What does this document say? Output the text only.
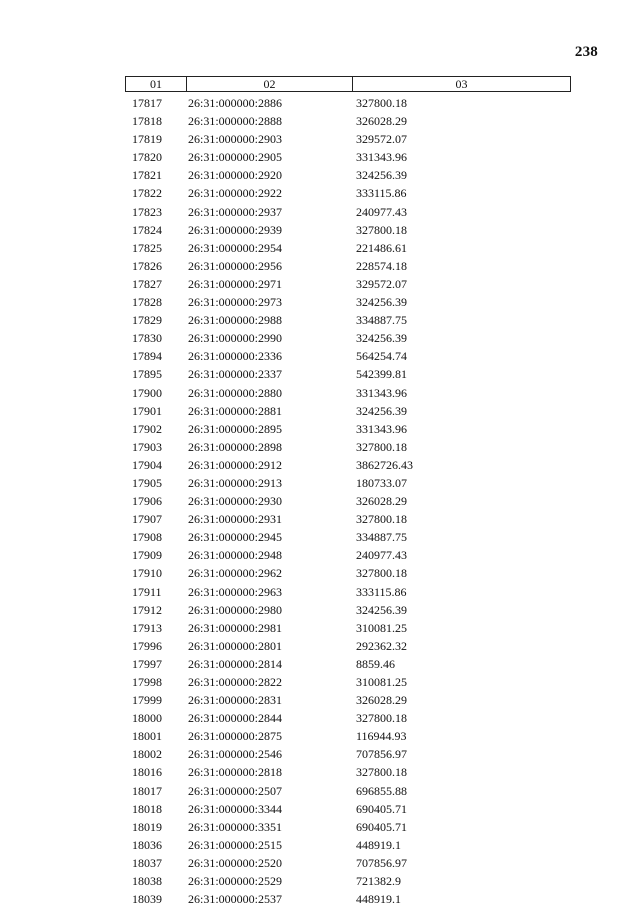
238
01	02	03
17817	26:31:000000:2886	327800.18
17818	26:31:000000:2888	326028.29
17819	26:31:000000:2903	329572.07
17820	26:31:000000:2905	331343.96
17821	26:31:000000:2920	324256.39
17822	26:31:000000:2922	333115.86
17823	26:31:000000:2937	240977.43
17824	26:31:000000:2939	327800.18
17825	26:31:000000:2954	221486.61
17826	26:31:000000:2956	228574.18
17827	26:31:000000:2971	329572.07
17828	26:31:000000:2973	324256.39
17829	26:31:000000:2988	334887.75
17830	26:31:000000:2990	324256.39
17894	26:31:000000:2336	564254.74
17895	26:31:000000:2337	542399.81
17900	26:31:000000:2880	331343.96
17901	26:31:000000:2881	324256.39
17902	26:31:000000:2895	331343.96
17903	26:31:000000:2898	327800.18
17904	26:31:000000:2912	3862726.43
17905	26:31:000000:2913	180733.07
17906	26:31:000000:2930	326028.29
17907	26:31:000000:2931	327800.18
17908	26:31:000000:2945	334887.75
17909	26:31:000000:2948	240977.43
17910	26:31:000000:2962	327800.18
17911	26:31:000000:2963	333115.86
17912	26:31:000000:2980	324256.39
17913	26:31:000000:2981	310081.25
17996	26:31:000000:2801	292362.32
17997	26:31:000000:2814	8859.46
17998	26:31:000000:2822	310081.25
17999	26:31:000000:2831	326028.29
18000	26:31:000000:2844	327800.18
18001	26:31:000000:2875	116944.93
18002	26:31:000000:2546	707856.97
18016	26:31:000000:2818	327800.18
18017	26:31:000000:2507	696855.88
18018	26:31:000000:3344	690405.71
18019	26:31:000000:3351	690405.71
18036	26:31:000000:2515	448919.1
18037	26:31:000000:2520	707856.97
18038	26:31:000000:2529	721382.9
18039	26:31:000000:2537	448919.1
